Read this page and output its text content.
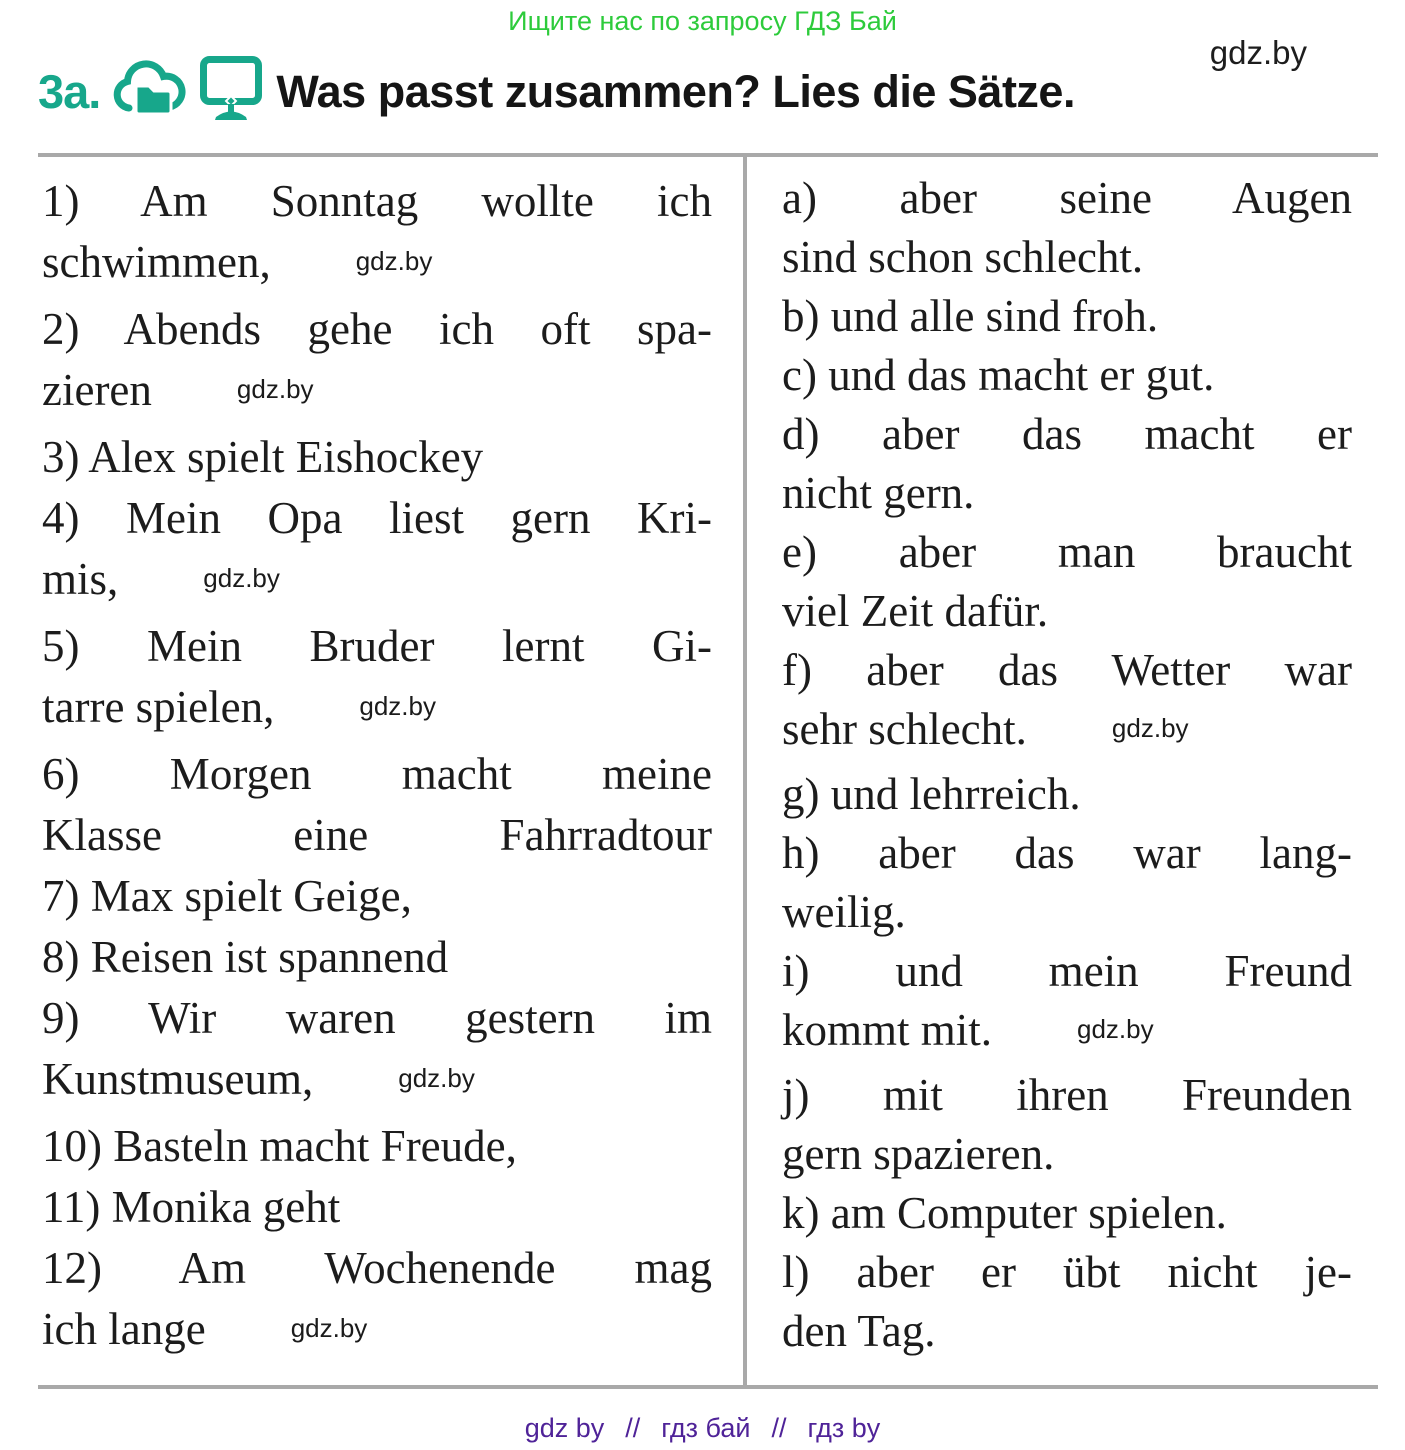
Ищите нас по запросу ГДЗ Бай
gdz.by
3a.	Was passt zusammen? Lies die Sätze.
1) Am Sonntag wollte ich
schwimmen,	gdz.by
2) Abends gehe ich oft spa-
zieren	gdz.by
3) Alex spielt Eishockey
4) Mein Opa liest gern Kri-
mis,	gdz.by
5) Mein Bruder lernt Gi-
tarre spielen,	gdz.by
6) Morgen macht meine
Klasse eine Fahrradtour
7) Max spielt Geige,
8) Reisen ist spannend
9) Wir waren gestern im
Kunstmuseum,	gdz.by
10) Basteln macht Freude,
11) Monika geht
12) Am Wochenende mag
ich lange	gdz.by
a) aber seine Augen
sind schon schlecht.
b) und alle sind froh.
c) und das macht er gut.
d) aber das macht er
nicht gern.
e) aber man braucht
viel Zeit dafür.
f) aber das Wetter war
sehr schlecht.	gdz.by
g) und lehrreich.
h) aber das war lang-
weilig.
i) und mein Freund
kommt mit.	gdz.by
j) mit ihren Freunden
gern spazieren.
k) am Computer spielen.
l) aber er übt nicht je-
den Tag.
gdz by  //  гдз бай  //  гдз by
